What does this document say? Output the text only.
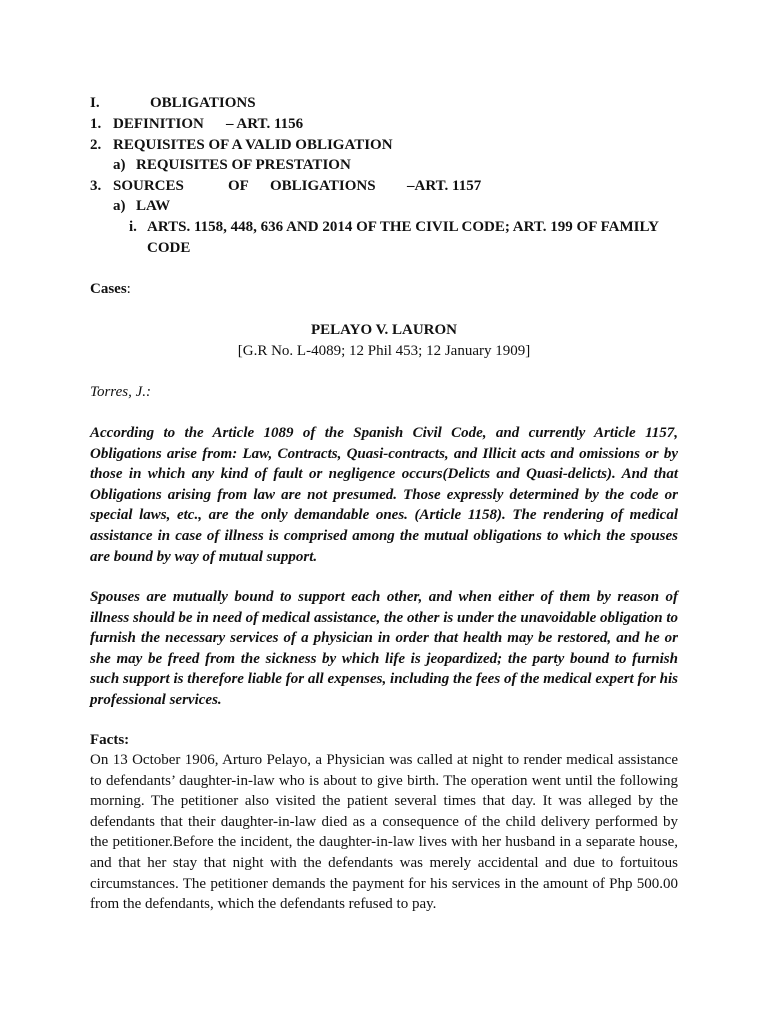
I.	OBLIGATIONS
1. DEFINITION – ART. 1156
2. REQUISITES OF A VALID OBLIGATION
a) REQUISITES OF PRESTATION
3. SOURCES	OF OBLIGATIONS –ART. 1157
a) LAW
i. ARTS. 1158, 448, 636 AND 2014 OF THE CIVIL CODE; ART. 199 OF FAMILY
CODE
Cases:
PELAYO V. LAURON
[G.R No. L-4089; 12 Phil 453; 12 January 1909]
Torres, J.:
According to the Article 1089 of the Spanish Civil Code, and currently Article 1157, Obligations arise from: Law, Contracts, Quasi-contracts, and Illicit acts and omissions or by those in which any kind of fault or negligence occurs(Delicts and Quasi-delicts). And that Obligations arising from law are not presumed. Those expressly determined by the code or special laws, etc., are the only demandable ones. (Article 1158). The rendering of medical assistance in case of illness is comprised among the mutual obligations to which the spouses are bound by way of mutual support.
Spouses are mutually bound to support each other, and when either of them by reason of illness should be in need of medical assistance, the other is under the unavoidable obligation to furnish the necessary services of a physician in order that health may be restored, and he or she may be freed from the sickness by which life is jeopardized; the party bound to furnish such support is therefore liable for all expenses, including the fees of the medical expert for his professional services.
Facts:
On 13 October 1906, Arturo Pelayo, a Physician was called at night to render medical assistance to defendants’ daughter-in-law who is about to give birth. The operation went until the following morning. The petitioner also visited the patient several times that day. It was alleged by the defendants that their daughter-in-law died as a consequence of the child delivery performed by the petitioner.Before the incident, the daughter-in-law lives with her husband in a separate house, and that her stay that night with the defendants was merely accidental and due to fortuitous circumstances. The petitioner demands the payment for his services in the amount of Php 500.00 from the defendants, which the defendants refused to pay.
